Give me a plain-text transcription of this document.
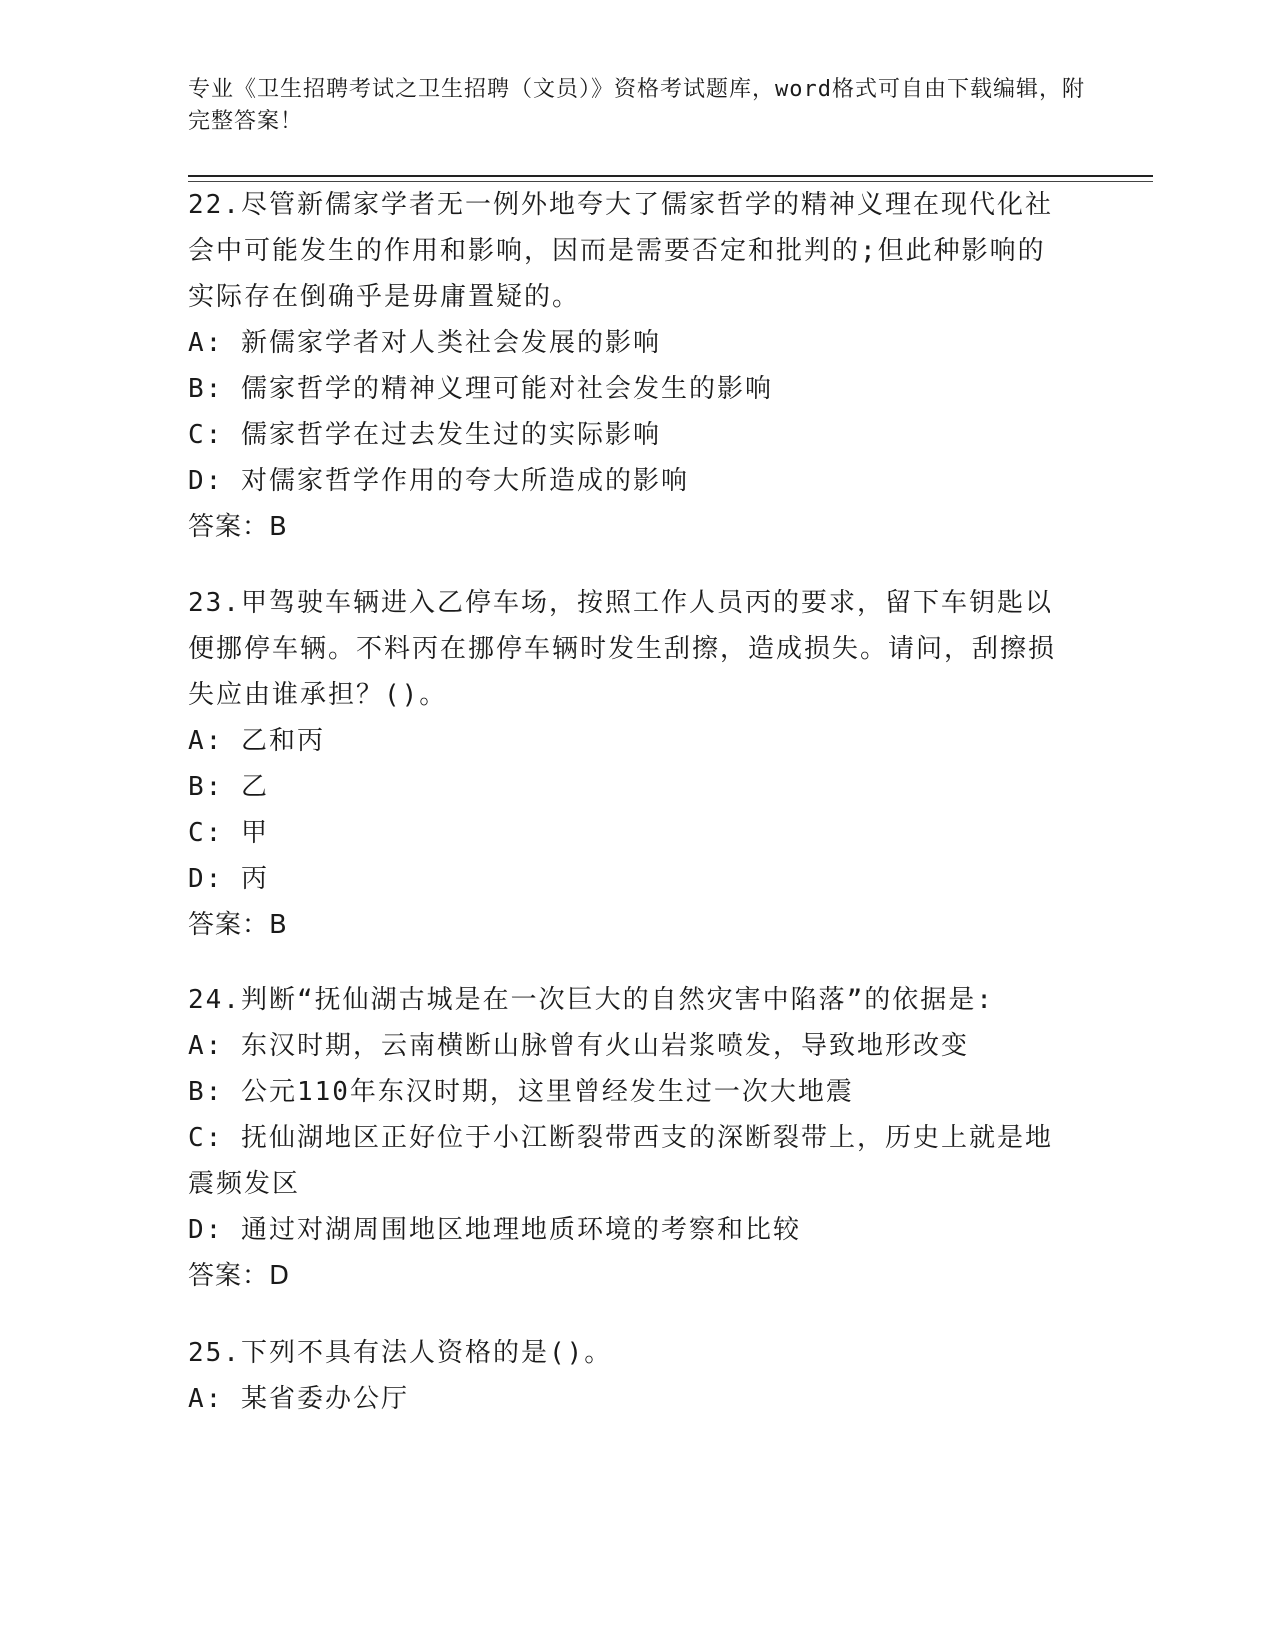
专业《卫生招聘考试之卫生招聘（文员）》资格考试题库，word格式可自由下载编辑，附完整答案！

22.尽管新儒家学者无一例外地夸大了儒家哲学的精神义理在现代化社会中可能发生的作用和影响，因而是需要否定和批判的;但此种影响的实际存在倒确乎是毋庸置疑的。

A: 新儒家学者对人类社会发展的影响

B: 儒家哲学的精神义理可能对社会发生的影响

C: 儒家哲学在过去发生过的实际影响

D: 对儒家哲学作用的夸大所造成的影响

答案：B

23.甲驾驶车辆进入乙停车场，按照工作人员丙的要求，留下车钥匙以便挪停车辆。不料丙在挪停车辆时发生刮擦，造成损失。请问，刮擦损失应由谁承担？()。

A: 乙和丙

B: 乙

C: 甲

D: 丙

答案：B

24.判断“抚仙湖古城是在一次巨大的自然灾害中陷落”的依据是:

A: 东汉时期，云南横断山脉曾有火山岩浆喷发，导致地形改变

B: 公元110年东汉时期，这里曾经发生过一次大地震

C: 抚仙湖地区正好位于小江断裂带西支的深断裂带上，历史上就是地震频发区

D: 通过对湖周围地区地理地质环境的考察和比较

答案：D

25.下列不具有法人资格的是()。

A: 某省委办公厅
